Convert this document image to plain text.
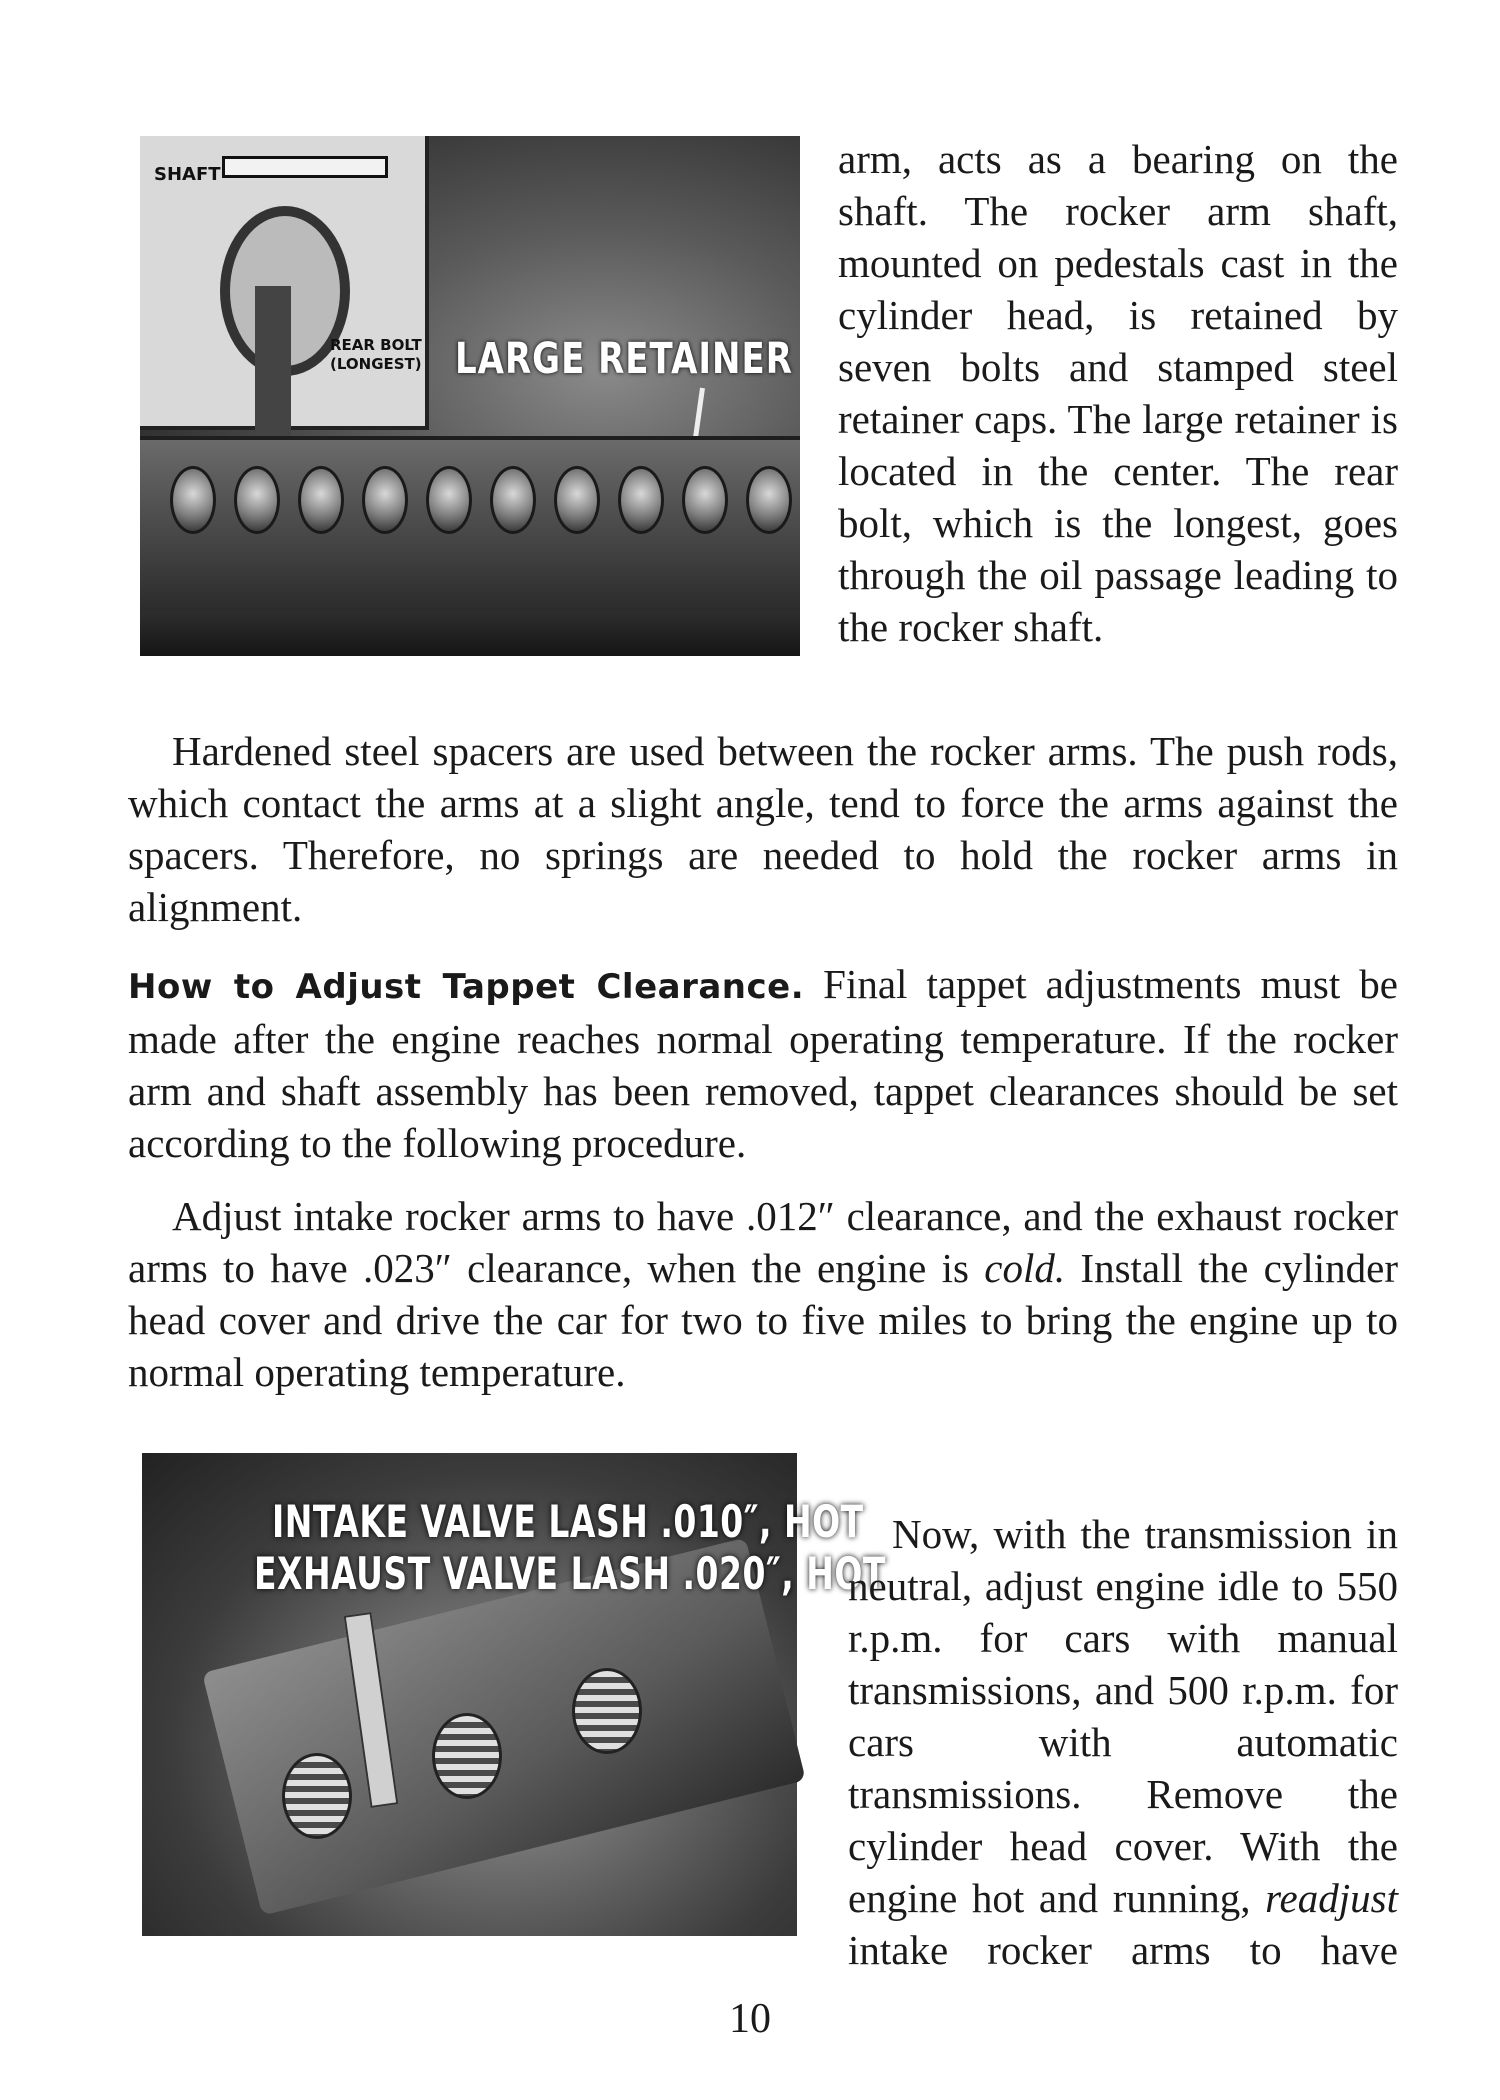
SHAFT
REAR BOLT
(LONGEST) LARGE RETAINER

arm, acts as a bearing on the shaft. The rocker arm shaft, mounted on pedestals cast in the cylinder head, is retained by seven bolts and stamped steel retainer caps. The large retainer is located in the center. The rear bolt, which is the longest, goes through the oil passage leading to the rocker shaft.

Hardened steel spacers are used between the rocker arms. The push rods, which contact the arms at a slight angle, tend to force the arms against the spacers. Therefore, no springs are needed to hold the rocker arms in alignment.

How to Adjust Tappet Clearance. Final tappet adjustments must be made after the engine reaches normal operating temperature. If the rocker arm and shaft assembly has been removed, tappet clearances should be set according to the following procedure.

Adjust intake rocker arms to have .012″ clearance, and the exhaust rocker arms to have .023″ clearance, when the engine is cold. Install the cylinder head cover and drive the car for two to five miles to bring the engine up to normal operating temperature.

INTAKE VALVE LASH .010″, HOT
EXHAUST VALVE LASH .020″, HOT

Now, with the transmission in neutral, adjust engine idle to 550 r.p.m. for cars with manual transmissions, and 500 r.p.m. for cars with automatic transmissions. Remove the cylinder head cover. With the engine hot and running, readjust intake rocker arms to have

10
